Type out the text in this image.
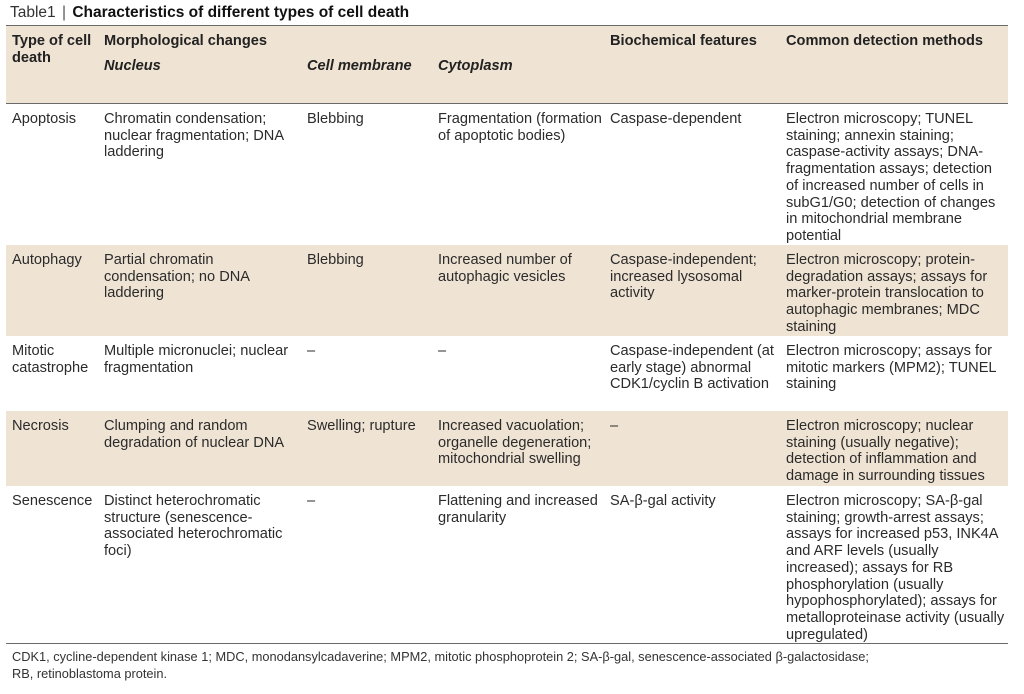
Table1 | Characteristics of different types of cell death
Type of cell death	Morphological changes			Biochemical features	Common detection methods
	Nucleus	Cell membrane	Cytoplasm		
Apoptosis	Chromatin condensation; nuclear fragmentation; DNA laddering	Blebbing	Fragmentation (formation of apoptotic bodies)	Caspase-dependent	Electron microscopy; TUNEL staining; annexin staining; caspase-activity assays; DNA-fragmentation assays; detection of increased number of cells in subG1/G0; detection of changes in mitochondrial membrane potential
Autophagy	Partial chromatin condensation; no DNA laddering	Blebbing	Increased number of autophagic vesicles	Caspase-independent; increased lysosomal activity	Electron microscopy; protein-degradation assays; assays for marker-protein translocation to autophagic membranes; MDC staining
Mitotic catastrophe	Multiple micronuclei; nuclear fragmentation	–	–	Caspase-independent (at early stage) abnormal CDK1/cyclin B activation	Electron microscopy; assays for mitotic markers (MPM2); TUNEL staining
Necrosis	Clumping and random degradation of nuclear DNA	Swelling; rupture	Increased vacuolation; organelle degeneration; mitochondrial swelling	–	Electron microscopy; nuclear staining (usually negative); detection of inflammation and damage in surrounding tissues
Senescence	Distinct heterochromatic structure (senescence-associated heterochromatic foci)	–	Flattening and increased granularity	SA-β-gal activity	Electron microscopy; SA-β-gal staining; growth-arrest assays; assays for increased p53, INK4A and ARF levels (usually increased); assays for RB phosphorylation (usually hypophosphorylated); assays for metalloproteinase activity (usually upregulated)
CDK1, cycline-dependent kinase 1; MDC, monodansylcadaverine; MPM2, mitotic phosphoprotein 2; SA-β-gal, senescence-associated β-galactosidase;
RB, retinoblastoma protein.
